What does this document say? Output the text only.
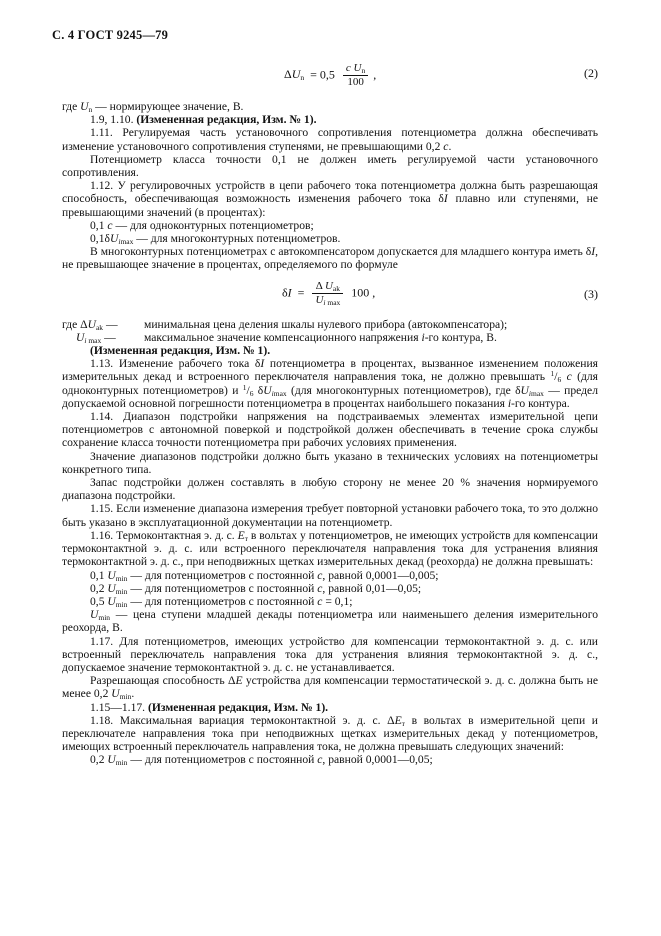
С. 4 ГОСТ 9245—79
$\Delta U_n = 0,5 \frac{c U_n}{100}$ ,	(2)

где $U_n$ — нормирующее значение, В.

1.9, 1.10. (Измененная редакция, Изм. № 1).

1.11. Регулируемая часть установочного сопротивления потенциометра должна обеспечивать изменение установочного сопротивления ступенями, не превышающими 0,2 c.

Потенциометр класса точности 0,1 не должен иметь регулируемой части установочного сопротивления.

1.12. У регулировочных устройств в цепи рабочего тока потенциометра должна быть разрешающая способность, обеспечивающая возможность изменения рабочего тока δI плавно или ступенями, не превышающими значений (в процентах):

0,1 c — для одноконтурных потенциометров;

$0,1\delta U_{imax}$ — для многоконтурных потенциометров.

В многоконтурных потенциометрах с автокомпенсатором допускается для младшего контура иметь δI, не превышающее значение в процентах, определяемого по формуле

$\delta I = \frac{\Delta U_{ak}}{U_{i max}} 100$ ,	(3)
где $\Delta U_{ak}$ —	минимальная цена деления шкалы нулевого прибора (автокомпенсатора);
$U_{i max}$ —	максимальное значение компенсационного напряжения i-го контура, В.

(Измененная редакция, Изм. № 1).

1.13. Изменение рабочего тока δI потенциометра в процентах, вызванное изменением положения измерительных декад и встроенного переключателя направления тока, не должно превышать $^1/_6$ c (для одноконтурных потенциометров) и $^1/_6$ $\delta U_{imax}$ (для многоконтурных потенциометров), где $\delta U_{imax}$ — предел допускаемой основной погрешности потенциометра в процентах наибольшего показания i-го контура.

1.14. Диапазон подстройки напряжения на подстраиваемых элементах измерительной цепи потенциометров с автономной поверкой и подстройкой должен обеспечивать в течение срока службы сохранение класса точности потенциометра при рабочих условиях применения.

Значение диапазонов подстройки должно быть указано в технических условиях на потенциометры конкретного типа.

Запас подстройки должен составлять в любую сторону не менее 20 % значения нормируемого диапазона подстройки.

1.15. Если изменение диапазона измерения требует повторной установки рабочего тока, то это должно быть указано в эксплуатационной документации на потенциометр.

1.16. Термоконтактная э. д. с. $E_т$ в вольтах у потенциометров, не имеющих устройств для компенсации термоконтактной э. д. с. или встроенного переключателя направления тока для устранения влияния термоконтактной э. д. с., при неподвижных щетках измерительных декад (реохорда) не должна превышать:

0,1 $U_{min}$ — для потенциометров с постоянной c, равной 0,0001—0,005;

0,2 $U_{min}$ — для потенциометров с постоянной c, равной 0,01—0,05;

0,5 $U_{min}$ — для потенциометров с постоянной c = 0,1;

$U_{min}$ — цена ступени младшей декады потенциометра или наименьшего деления измерительного реохорда, В.

1.17. Для потенциометров, имеющих устройство для компенсации термоконтактной э. д. с. или встроенный переключатель направления тока для устранения влияния термоконтактной э. д. с., допускаемое значение термоконтактной э. д. с. не устанавливается.

Разрешающая способность ΔE устройства для компенсации термостатической э. д. с. должна быть не менее 0,2 $U_{min}$.

1.15—1.17. (Измененная редакция, Изм. № 1).

1.18. Максимальная вариация термоконтактной э. д. с. $\Delta E_т$ в вольтах в измерительной цепи и переключателе направления тока при неподвижных щетках измерительных декад у потенциометров, имеющих встроенный переключатель направления тока, не должна превышать следующих значений:

0,2 $U_{min}$ — для потенциометров с постоянной c, равной 0,0001—0,05;
